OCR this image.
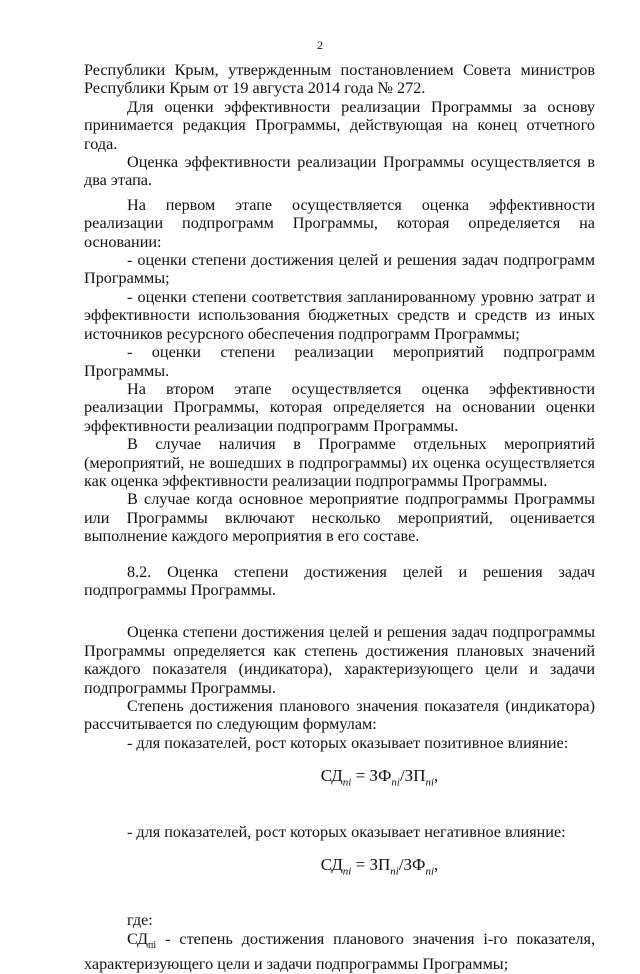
2

Республики Крым, утвержденным постановлением Совета министров Республики Крым от 19 августа 2014 года № 272.

Для оценки эффективности реализации Программы за основу принимается редакция Программы, действующая на конец отчетного года.

Оценка эффективности реализации Программы осуществляется в два этапа.

На первом этапе осуществляется оценка эффективности реализации подпрограмм Программы, которая определяется на основании:

- оценки степени достижения целей и решения задач подпрограмм Программы;

- оценки степени соответствия запланированному уровню затрат и эффективности использования бюджетных средств и средств из иных источников ресурсного обеспечения подпрограмм Программы;

- оценки степени реализации мероприятий подпрограмм Программы.

На втором этапе осуществляется оценка эффективности реализации Программы, которая определяется на основании оценки эффективности реализации подпрограмм Программы.

В случае наличия в Программе отдельных мероприятий (мероприятий, не вошедших в подпрограммы) их оценка осуществляется как оценка эффективности реализации подпрограммы Программы.

В случае когда основное мероприятие подпрограммы Программы или Программы включают несколько мероприятий, оценивается выполнение каждого мероприятия в его составе.

8.2. Оценка степени достижения целей и решения задач подпрограммы Программы.

Оценка степени достижения целей и решения задач подпрограммы Программы определяется как степень достижения плановых значений каждого показателя (индикатора), характеризующего цели и задачи подпрограммы Программы.

Степень достижения планового значения показателя (индикатора) рассчитывается по следующим формулам:

- для показателей, рост которых оказывает позитивное влияние:

$СД_{пi} = ЗФ_{пi}/ЗП_{пi}$,

- для показателей, рост которых оказывает негативное влияние:

$СД_{пi} = ЗП_{пi}/ЗФ_{пi}$,

где:

$СД_{пi}$ - степень достижения планового значения i-го показателя, характеризующего цели и задачи подпрограммы Программы;
